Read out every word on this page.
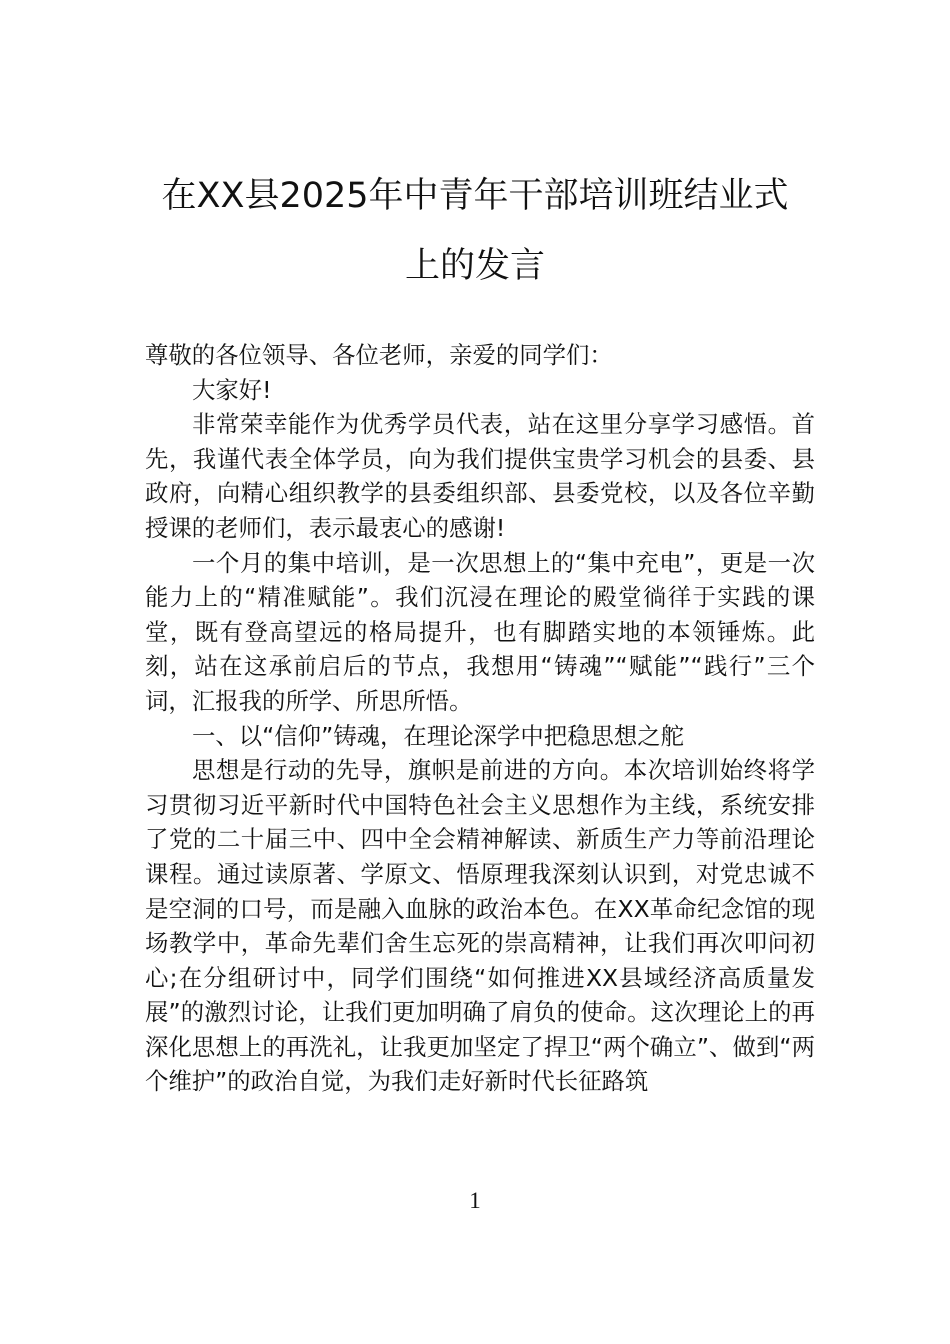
在XX县2025年中青年干部培训班结业式
上的发言

尊敬的各位领导、各位老师，亲爱的同学们：

大家好!

非常荣幸能作为优秀学员代表，站在这里分享学习感悟。首先，我谨代表全体学员，向为我们提供宝贵学习机会的县委、县政府，向精心组织教学的县委组织部、县委党校，以及各位辛勤授课的老师们，表示最衷心的感谢!

一个月的集中培训，是一次思想上的“集中充电”，更是一次能力上的“精准赋能”。我们沉浸在理论的殿堂徜徉于实践的课堂，既有登高望远的格局提升，也有脚踏实地的本领锤炼。此刻，站在这承前启后的节点，我想用“铸魂”“赋能”“践行”三个词，汇报我的所学、所思所悟。

一、以“信仰”铸魂，在理论深学中把稳思想之舵

思想是行动的先导，旗帜是前进的方向。本次培训始终将学习贯彻习近平新时代中国特色社会主义思想作为主线，系统安排了党的二十届三中、四中全会精神解读、新质生产力等前沿理论课程。通过读原著、学原文、悟原理我深刻认识到，对党忠诚不是空洞的口号，而是融入血脉的政治本色。在XX革命纪念馆的现场教学中，革命先辈们舍生忘死的崇高精神，让我们再次叩问初心;在分组研讨中，同学们围绕“如何推进XX县域经济高质量发展”的激烈讨论，让我们更加明确了肩负的使命。这次理论上的再深化思想上的再洗礼，让我更加坚定了捍卫“两个确立”、做到“两个维护”的政治自觉，为我们走好新时代长征路筑

1
